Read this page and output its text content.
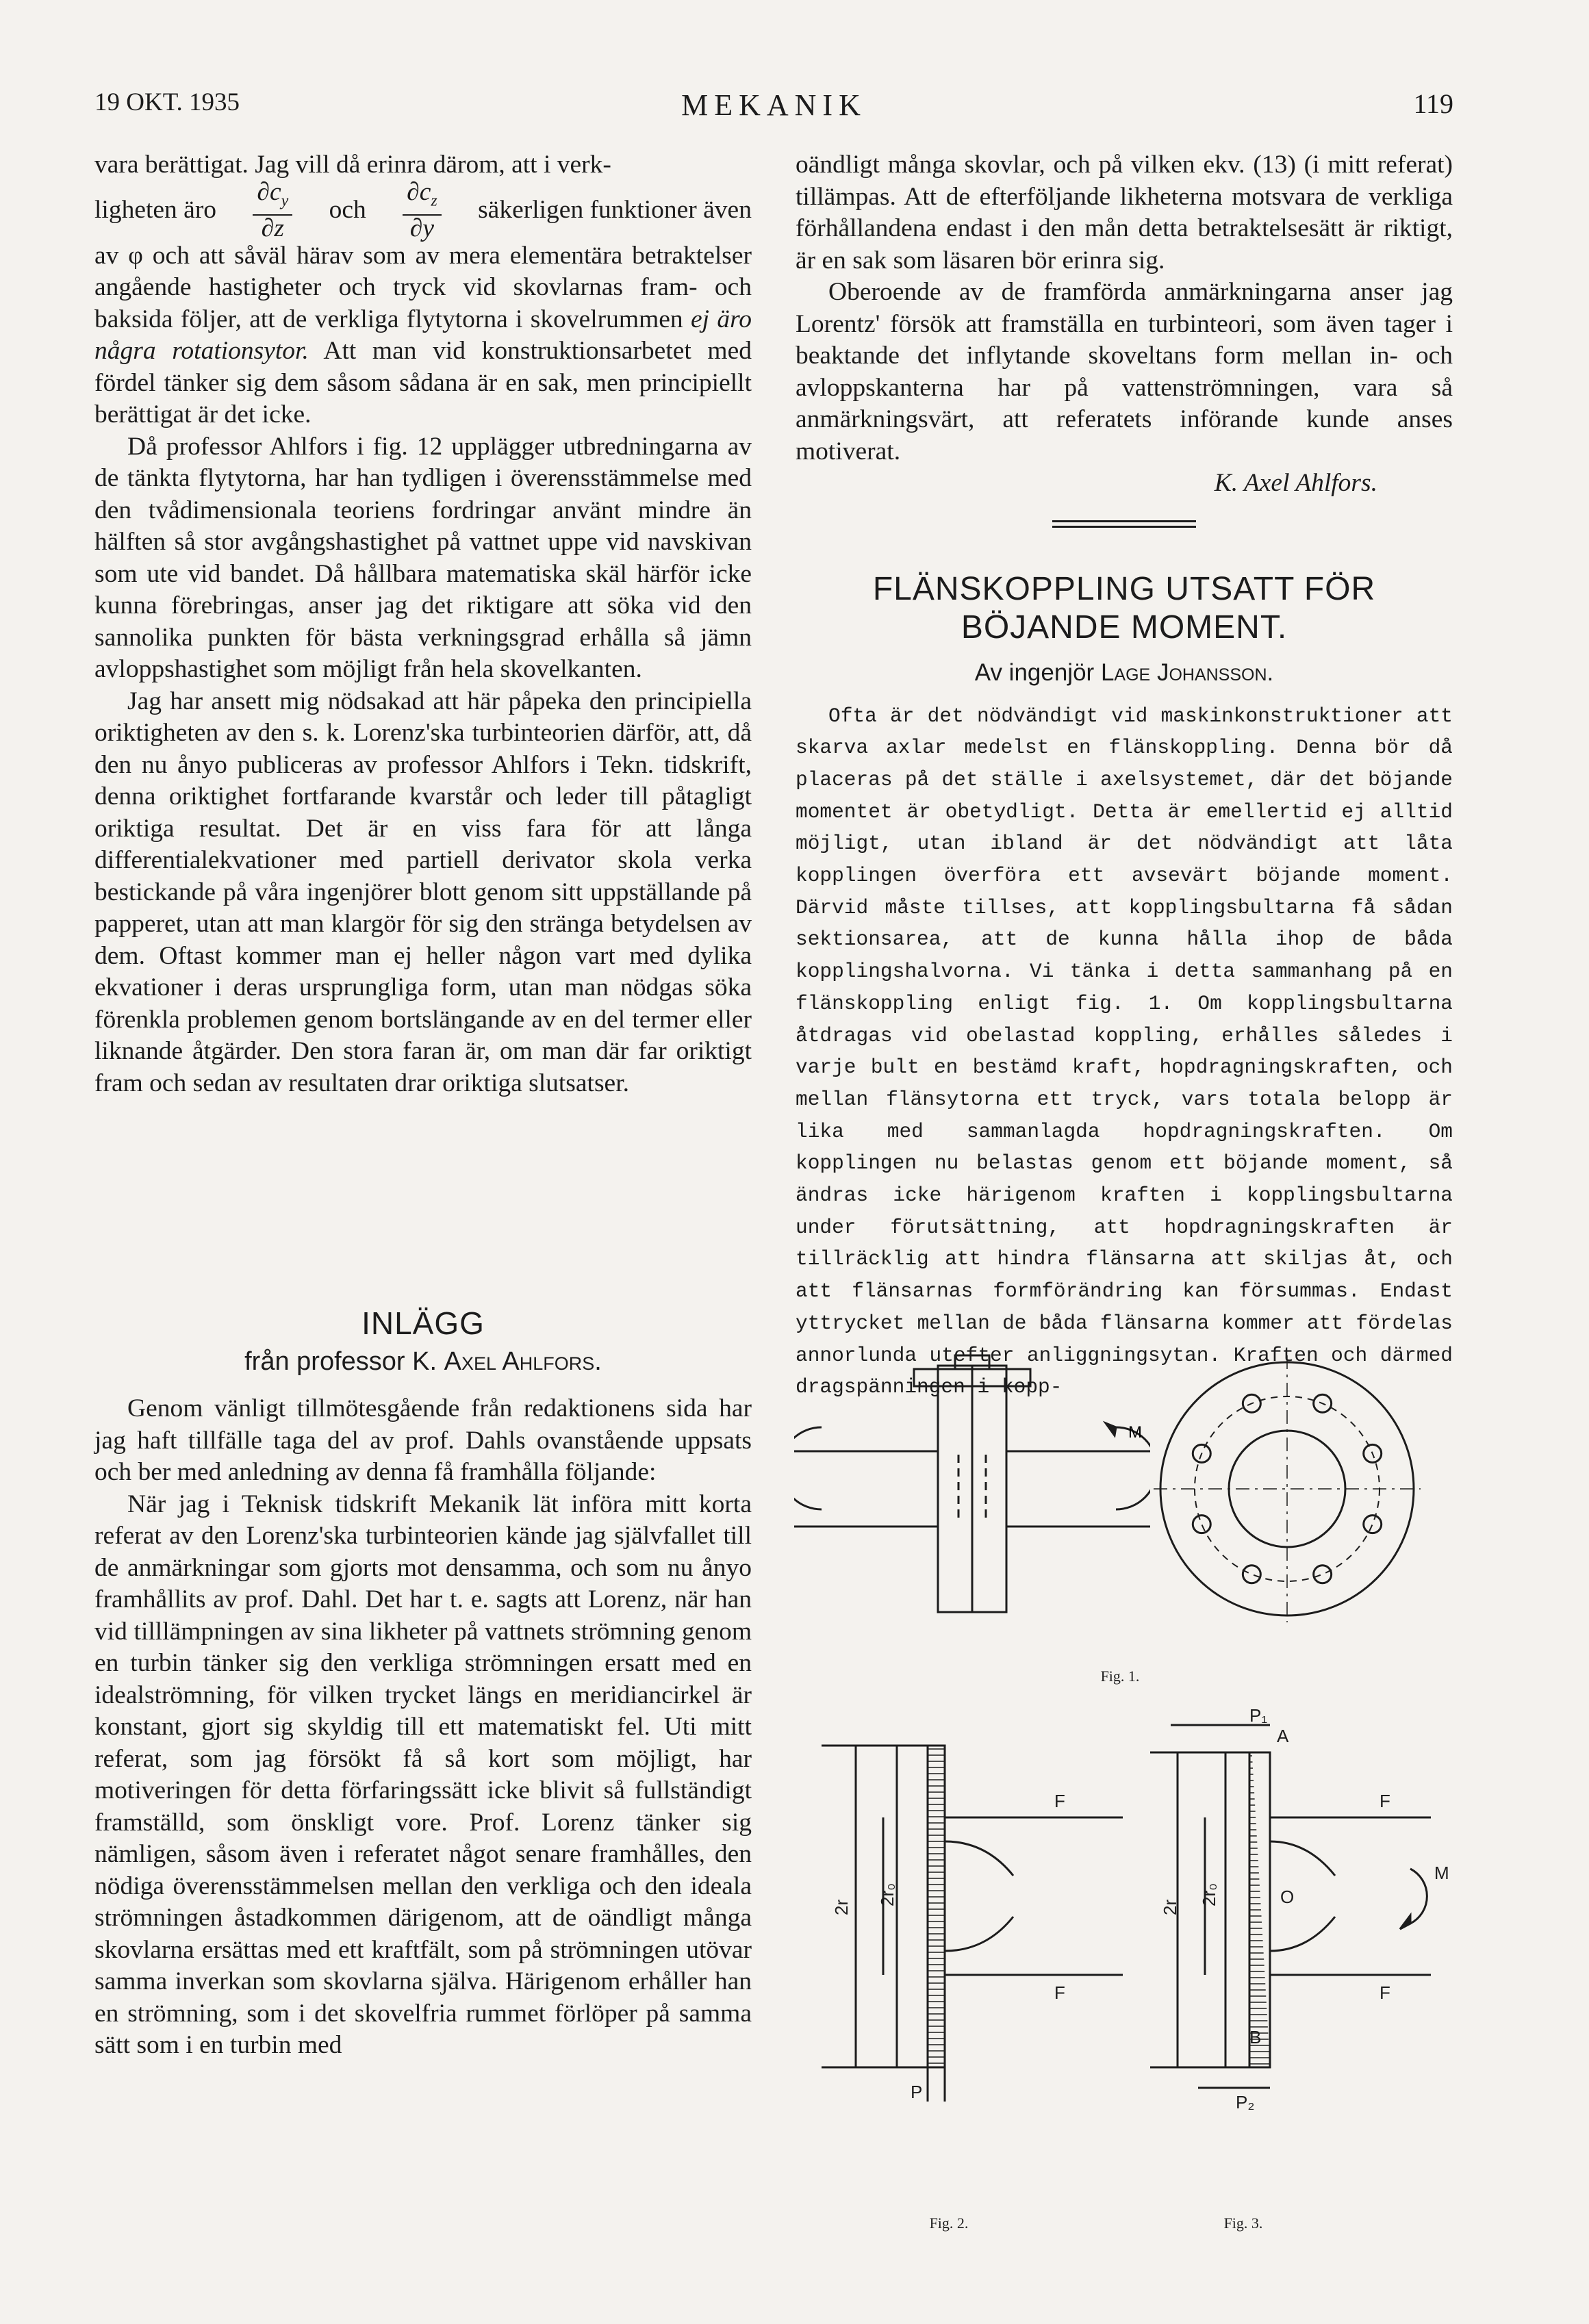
19 OKT. 1935	MEKANIK	119

vara berättigat. Jag vill då erinra därom, att i verk-

ligheten äro $\frac{\partial c_y}{\partial z}$ och $\frac{\partial c_z}{\partial y}$ säkerligen funktioner även

av φ och att såväl härav som av mera elementära betraktelser angående hastigheter och tryck vid skovlarnas fram- och baksida följer, att de verkliga flytytorna i skovelrummen ej äro några rotationsytor. Att man vid konstruktionsarbetet med fördel tänker sig dem såsom sådana är en sak, men principiellt berättigat är det icke.

Då professor Ahlfors i fig. 12 upplägger utbredningarna av de tänkta flytytorna, har han tydligen i överensstämmelse med den tvådimensionala teoriens fordringar använt mindre än hälften så stor avgångshastighet på vattnet uppe vid navskivan som ute vid bandet. Då hållbara matematiska skäl härför icke kunna förebringas, anser jag det riktigare att söka vid den sannolika punkten för bästa verkningsgrad erhålla så jämn avloppshastighet som möjligt från hela skovelkanten.

Jag har ansett mig nödsakad att här påpeka den principiella oriktigheten av den s. k. Lorenz'ska turbinteorien därför, att, då den nu ånyo publiceras av professor Ahlfors i Tekn. tidskrift, denna oriktighet fortfarande kvarstår och leder till påtagligt oriktiga resultat. Det är en viss fara för att långa differentialekvationer med partiell derivator skola verka bestickande på våra ingenjörer blott genom sitt uppställande på papperet, utan att man klargör för sig den stränga betydelsen av dem. Oftast kommer man ej heller någon vart med dylika ekvationer i deras ursprungliga form, utan man nödgas söka förenkla problemen genom bortslängande av en del termer eller liknande åtgärder. Den stora faran är, om man där far oriktigt fram och sedan av resultaten drar oriktiga slutsatser.

INLÄGG
från professor K. Axel Ahlfors.

Genom vänligt tillmötesgående från redaktionens sida har jag haft tillfälle taga del av prof. Dahls ovanstående uppsats och ber med anledning av denna få framhålla följande:

När jag i Teknisk tidskrift Mekanik lät införa mitt korta referat av den Lorenz'ska turbinteorien kände jag självfallet till de anmärkningar som gjorts mot densamma, och som nu ånyo framhållits av prof. Dahl. Det har t. e. sagts att Lorenz, när han vid tilllämpningen av sina likheter på vattnets strömning genom en turbin tänker sig den verkliga strömningen ersatt med en idealströmning, för vilken trycket längs en meridiancirkel är konstant, gjort sig skyldig till ett matematiskt fel. Uti mitt referat, som jag försökt få så kort som möjligt, har motiveringen för detta förfaringssätt icke blivit så fullständigt framställd, som önskligt vore. Prof. Lorenz tänker sig nämligen, såsom även i referatet något senare framhålles, den nödiga överensstämmelsen mellan den verkliga och den ideala strömningen åstadkommen därigenom, att de oändligt många skovlarna ersättas med ett kraftfält, som på strömningen utövar samma inverkan som skovlarna själva. Härigenom erhåller han en strömning, som i det skovelfria rummet förlöper på samma sätt som i en turbin med

oändligt många skovlar, och på vilken ekv. (13) (i mitt referat) tillämpas. Att de efterföljande likheterna motsvara de verkliga förhållandena endast i den mån detta betraktelsesätt är riktigt, är en sak som läsaren bör erinra sig.

Oberoende av de framförda anmärkningarna anser jag Lorentz' försök att framställa en turbinteori, som även tager i beaktande det inflytande skoveltans form mellan in- och avloppskanterna har på vattenströmningen, vara så anmärkningsvärt, att referatets införande kunde anses motiverat.

K. Axel Ahlfors.

FLÄNSKOPPLING UTSATT FÖR
BÖJANDE MOMENT.
Av ingenjör Lage Johansson.

Ofta är det nödvändigt vid maskinkonstruktioner att skarva axlar medelst en flänskoppling. Denna bör då placeras på det ställe i axelsystemet, där det böjande momentet är obetydligt. Detta är emellertid ej alltid möjligt, utan ibland är det nödvändigt att låta kopplingen överföra ett avsevärt böjande moment. Därvid måste tillses, att kopplingsbultarna få sådan sektionsarea, att de kunna hålla ihop de båda kopplingshalvorna. Vi tänka i detta sammanhang på en flänskoppling enligt fig. 1. Om kopplingsbultarna åtdragas vid obelastad koppling, erhålles således i varje bult en bestämd kraft, hopdragningskraften, och mellan flänsytorna ett tryck, vars totala belopp är lika med sammanlagda hopdragningskraften. Om kopplingen nu belastas genom ett böjande moment, så ändras icke härigenom kraften i kopplingsbultarna under förutsättning, att hopdragningskraften är tillräcklig att hindra flänsarna att skiljas åt, och att flänsarnas formförändring kan försummas. Endast yttrycket mellan de båda flänsarna kommer att fördelas annorlunda utefter anliggningsytan. Kraften och därmed dragspänningen i kopp-

M
Fig. 1.
F
F
P
2r
2r₀
Fig. 2.
P₁
A
F
F
O
M
B
P₂
2r
2r₀
Fig. 3.
